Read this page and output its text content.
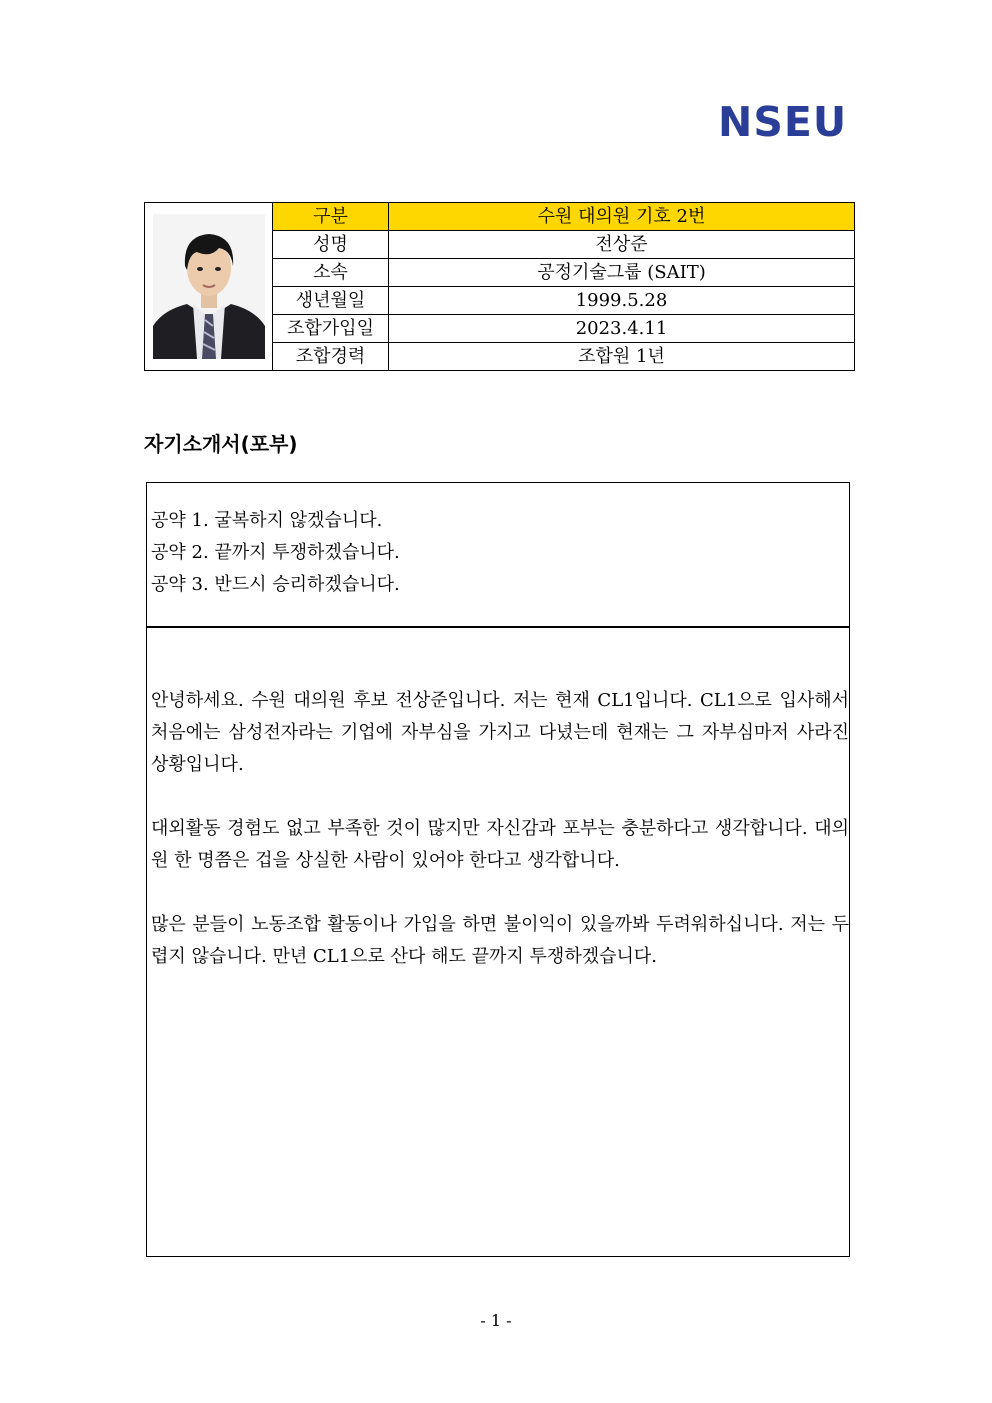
NSEU
	구분	수원 대의원 기호 2번
	성명	전상준
	소속	공정기술그룹 (SAIT)
	생년월일	1999.5.28
	조합가입일	2023.4.11
	조합경력	조합원 1년
자기소개서(포부)
공약 1. 굴복하지 않겠습니다.
공약 2. 끝까지 투쟁하겠습니다.
공약 3. 반드시 승리하겠습니다.

안녕하세요. 수원 대의원 후보 전상준입니다. 저는 현재 CL1입니다. CL1으로 입사해서 처음에는 삼성전자라는 기업에 자부심을 가지고 다녔는데 현재는 그 자부심마저 사라진 상황입니다.

대외활동 경험도 없고 부족한 것이 많지만 자신감과 포부는 충분하다고 생각합니다. 대의원 한 명쯤은 겁을 상실한 사람이 있어야 한다고 생각합니다.

많은 분들이 노동조합 활동이나 가입을 하면 불이익이 있을까봐 두려워하십니다. 저는 두렵지 않습니다. 만년 CL1으로 산다 해도 끝까지 투쟁하겠습니다.

- 1 -
